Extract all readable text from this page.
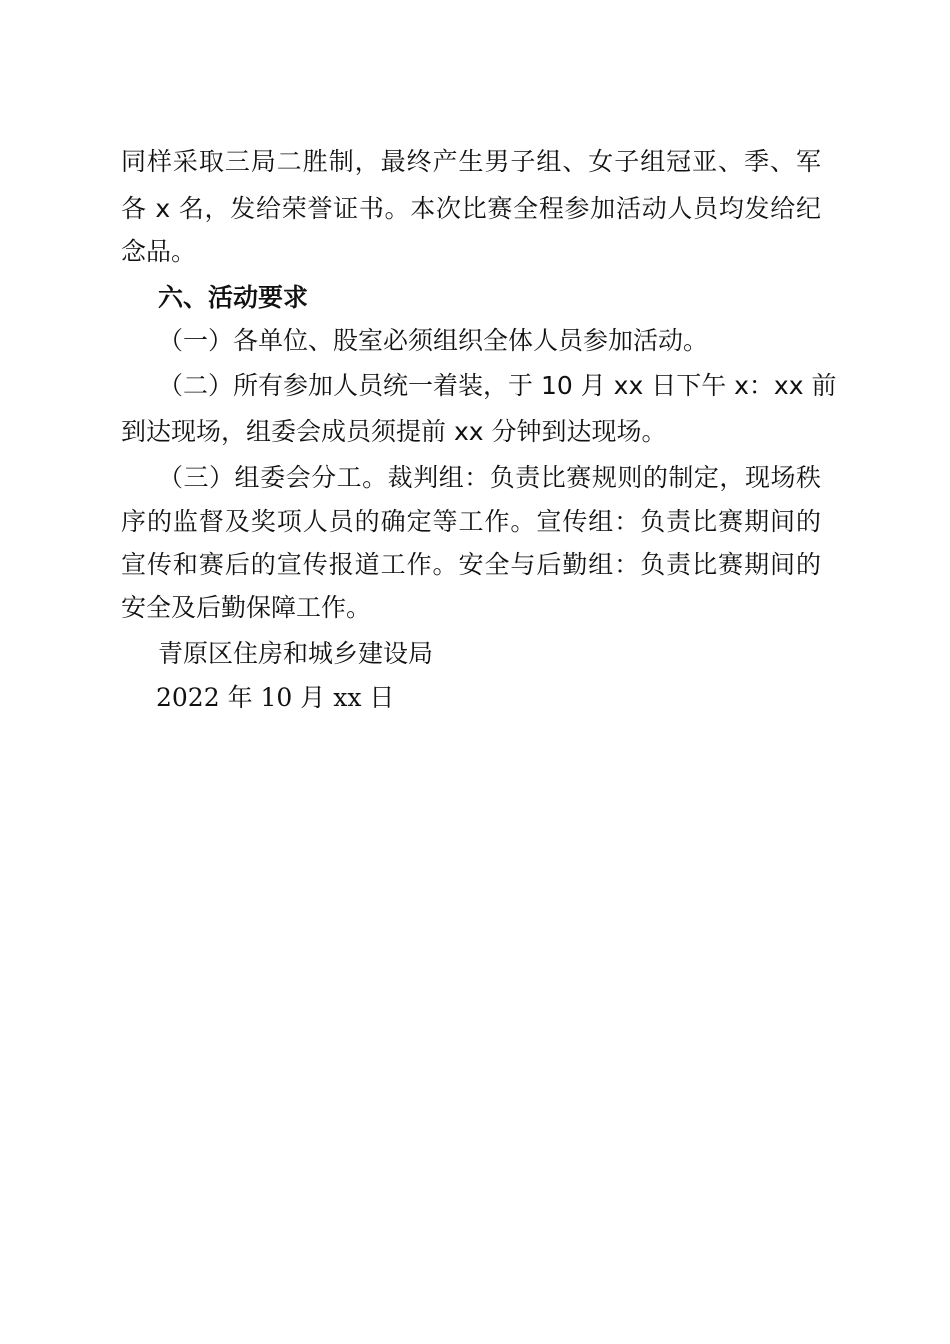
同样采取三局二胜制，最终产生男子组、女子组冠亚、季、军

各 x 名，发给荣誉证书。本次比赛全程参加活动人员均发给纪

念品。

六、活动要求

（一）各单位、股室必须组织全体人员参加活动。

（二）所有参加人员统一着装，于 10 月 xx 日下午 x：xx 前

到达现场，组委会成员须提前 xx 分钟到达现场。

（三）组委会分工。裁判组：负责比赛规则的制定，现场秩

序的监督及奖项人员的确定等工作。宣传组：负责比赛期间的

宣传和赛后的宣传报道工作。安全与后勤组：负责比赛期间的

安全及后勤保障工作。

青原区住房和城乡建设局

2022 年 10 月 xx 日
